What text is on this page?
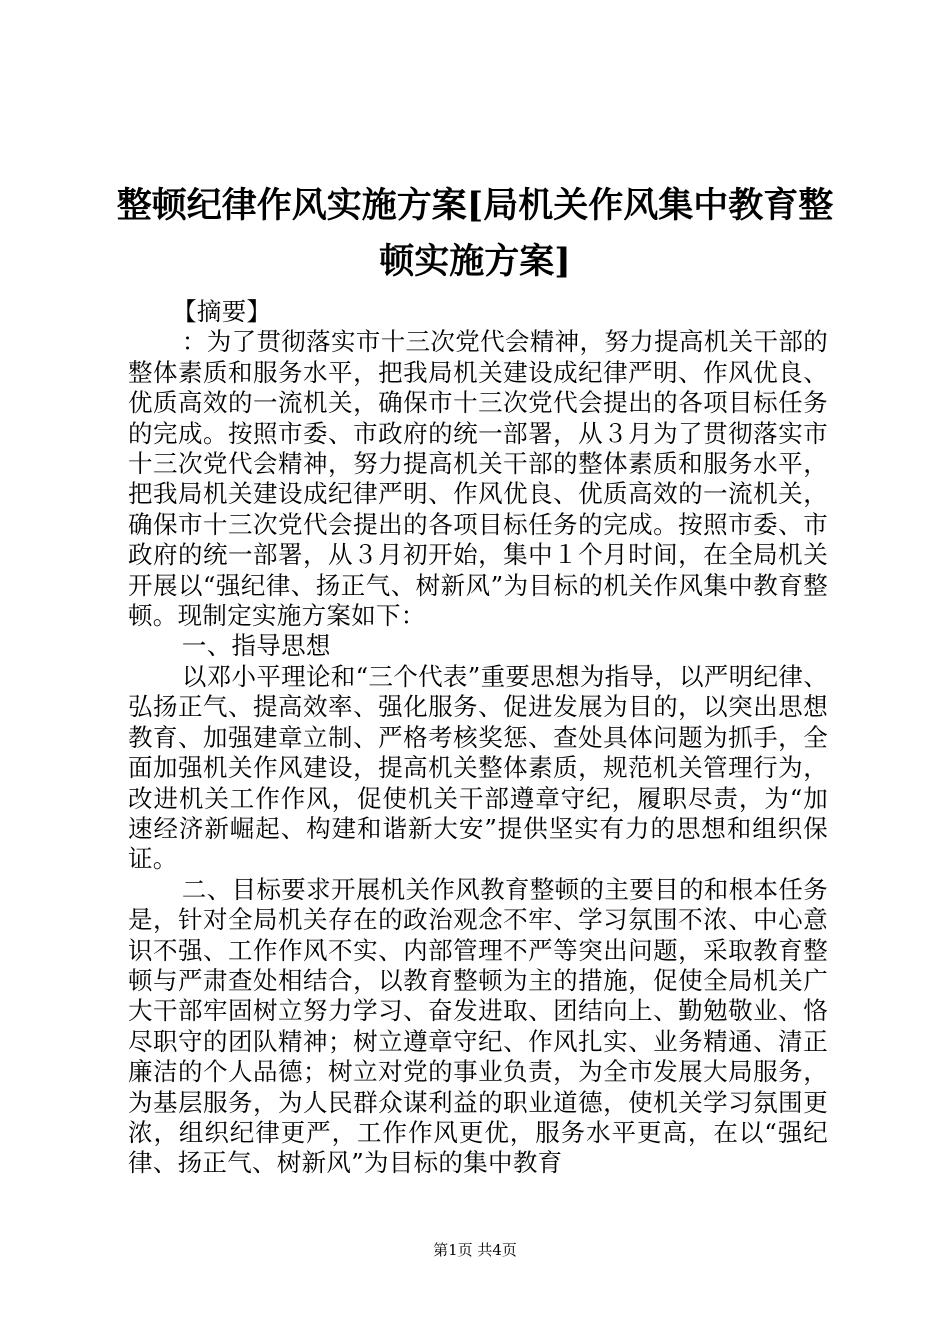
整顿纪律作风实施方案[局机关作风集中教育整顿实施方案]

【摘要】

：为了贯彻落实市十三次党代会精神，努力提高机关干部的整体素质和服务水平，把我局机关建设成纪律严明、作风优良、优质高效的一流机关，确保市十三次党代会提出的各项目标任务的完成。按照市委、市政府的统一部署，从３月为了贯彻落实市十三次党代会精神，努力提高机关干部的整体素质和服务水平，把我局机关建设成纪律严明、作风优良、优质高效的一流机关，确保市十三次党代会提出的各项目标任务的完成。按照市委、市政府的统一部署，从３月初开始，集中１个月时间，在全局机关开展以“强纪律、扬正气、树新风”为目标的机关作风集中教育整顿。现制定实施方案如下：

一、指导思想

以邓小平理论和“三个代表”重要思想为指导，以严明纪律、弘扬正气、提高效率、强化服务、促进发展为目的，以突出思想教育、加强建章立制、严格考核奖惩、查处具体问题为抓手，全面加强机关作风建设，提高机关整体素质，规范机关管理行为，改进机关工作作风，促使机关干部遵章守纪，履职尽责，为“加速经济新崛起、构建和谐新大安”提供坚实有力的思想和组织保证。

二、目标要求开展机关作风教育整顿的主要目的和根本任务是，针对全局机关存在的政治观念不牢、学习氛围不浓、中心意识不强、工作作风不实、内部管理不严等突出问题，采取教育整顿与严肃查处相结合，以教育整顿为主的措施，促使全局机关广大干部牢固树立努力学习、奋发进取、团结向上、勤勉敬业、恪尽职守的团队精神；树立遵章守纪、作风扎实、业务精通、清正廉洁的个人品德；树立对党的事业负责，为全市发展大局服务，为基层服务，为人民群众谋利益的职业道德，使机关学习氛围更浓，组织纪律更严，工作作风更优，服务水平更高，在以“强纪律、扬正气、树新风”为目标的集中教育

第1页 共4页
